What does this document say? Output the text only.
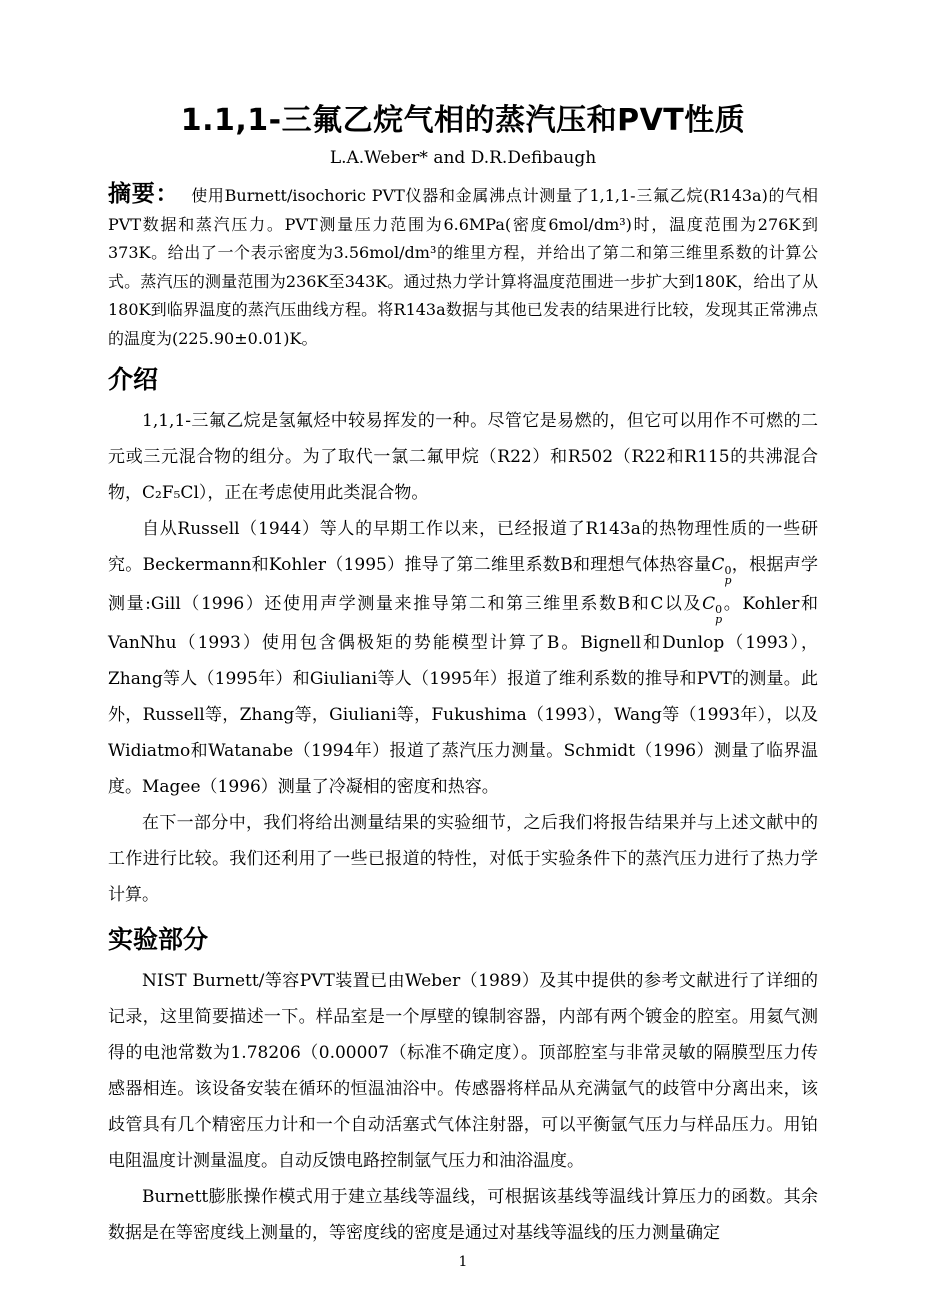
1.1,1-三氟乙烷气相的蒸汽压和PVT性质
L.A.Weber* and D.R.Defibaugh

摘要： 使用Burnett/isochoric PVT仪器和金属沸点计测量了1,1,1-三氟乙烷(R143a)的气相PVT数据和蒸汽压力。PVT测量压力范围为6.6MPa(密度6mol/dm³)时，温度范围为276K到373K。给出了一个表示密度为3.56mol/dm³的维里方程，并给出了第二和第三维里系数的计算公式。蒸汽压的测量范围为236K至343K。通过热力学计算将温度范围进一步扩大到180K，给出了从180K到临界温度的蒸汽压曲线方程。将R143a数据与其他已发表的结果进行比较，发现其正常沸点的温度为(225.90±0.01)K。

介绍

1,1,1-三氟乙烷是氢氟烃中较易挥发的一种。尽管它是易燃的，但它可以用作不可燃的二元或三元混合物的组分。为了取代一氯二氟甲烷（R22）和R502（R22和R115的共沸混合物，C₂F₅Cl），正在考虑使用此类混合物。

自从Russell（1944）等人的早期工作以来，已经报道了R143a的热物理性质的一些研究。Beckermann和Kohler（1995）推导了第二维里系数B和理想气体热容量C 0
p
，根据声学测量:Gill（1996）还使用声学测量来推导第二和第三维里系数B和C以及C 0
p
。Kohler和VanNhu（1993）使用包含偶极矩的势能模型计算了B。Bignell和Dunlop（1993），Zhang等人（1995年）和Giuliani等人（1995年）报道了维利系数的推导和PVT的测量。此外，Russell等，Zhang等，Giuliani等，Fukushima（1993），Wang等（1993年），以及Widiatmo和Watanabe（1994年）报道了蒸汽压力测量。Schmidt（1996）测量了临界温度。Magee（1996）测量了冷凝相的密度和热容。

在下一部分中，我们将给出测量结果的实验细节，之后我们将报告结果并与上述文献中的工作进行比较。我们还利用了一些已报道的特性，对低于实验条件下的蒸汽压力进行了热力学计算。

实验部分

NIST Burnett/等容PVT装置已由Weber（1989）及其中提供的参考文献进行了详细的记录，这里简要描述一下。样品室是一个厚壁的镍制容器，内部有两个镀金的腔室。用氦气测得的电池常数为1.78206（0.00007（标准不确定度）。顶部腔室与非常灵敏的隔膜型压力传感器相连。该设备安装在循环的恒温油浴中。传感器将样品从充满氩气的歧管中分离出来，该歧管具有几个精密压力计和一个自动活塞式气体注射器，可以平衡氩气压力与样品压力。用铂电阻温度计测量温度。自动反馈电路控制氩气压力和油浴温度。

Burnett膨胀操作模式用于建立基线等温线，可根据该基线等温线计算压力的函数。其余数据是在等密度线上测量的，等密度线的密度是通过对基线等温线的压力测量确定

1
